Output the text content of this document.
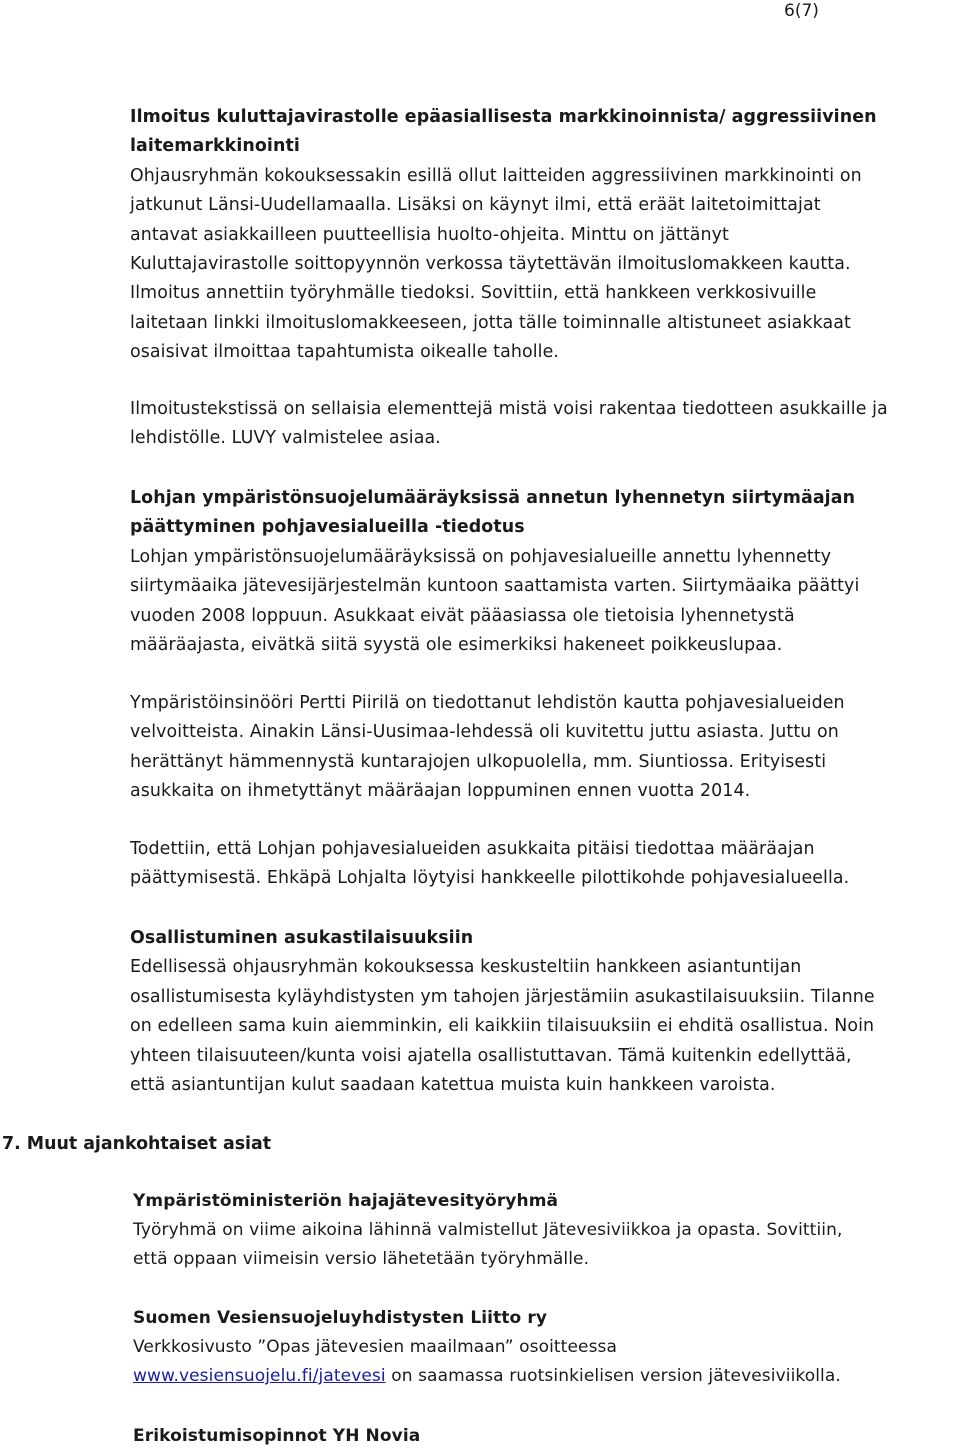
6(7)
Ilmoitus kuluttajavirastolle epäasiallisesta markkinoinnista/ aggressiivinen
laitemarkkinointi
Ohjausryhmän kokouksessakin esillä ollut laitteiden aggressiivinen markkinointi on
jatkunut Länsi-Uudellamaalla. Lisäksi on käynyt ilmi, että eräät laitetoimittajat
antavat asiakkailleen puutteellisia huolto-ohjeita. Minttu on jättänyt
Kuluttajavirastolle soittopyynnön verkossa täytettävän ilmoituslomakkeen kautta.
Ilmoitus annettiin työryhmälle tiedoksi. Sovittiin, että hankkeen verkkosivuille
laitetaan linkki ilmoituslomakkeeseen, jotta tälle toiminnalle altistuneet asiakkaat
osaisivat ilmoittaa tapahtumista oikealle taholle.
Ilmoitustekstissä on sellaisia elementtejä mistä voisi rakentaa tiedotteen asukkaille ja
lehdistölle. LUVY valmistelee asiaa.
Lohjan ympäristönsuojelumääräyksissä annetun lyhennetyn siirtymäajan
päättyminen pohjavesialueilla -tiedotus
Lohjan ympäristönsuojelumääräyksissä on pohjavesialueille annettu lyhennetty
siirtymäaika jätevesijärjestelmän kuntoon saattamista varten. Siirtymäaika päättyi
vuoden 2008 loppuun. Asukkaat eivät pääasiassa ole tietoisia lyhennetystä
määräajasta, eivätkä siitä syystä ole esimerkiksi hakeneet poikkeuslupaa.
Ympäristöinsinööri Pertti Piirilä on tiedottanut lehdistön kautta pohjavesialueiden
velvoitteista. Ainakin Länsi-Uusimaa-lehdessä oli kuvitettu juttu asiasta. Juttu on
herättänyt hämmennystä kuntarajojen ulkopuolella, mm. Siuntiossa. Erityisesti
asukkaita on ihmetyttänyt määräajan loppuminen ennen vuotta 2014.
Todettiin, että Lohjan pohjavesialueiden asukkaita pitäisi tiedottaa määräajan
päättymisestä. Ehkäpä Lohjalta löytyisi hankkeelle pilottikohde pohjavesialueella.
Osallistuminen asukastilaisuuksiin
Edellisessä ohjausryhmän kokouksessa keskusteltiin hankkeen asiantuntijan
osallistumisesta kyläyhdistysten ym tahojen järjestämiin asukastilaisuuksiin. Tilanne
on edelleen sama kuin aiemminkin, eli kaikkiin tilaisuuksiin ei ehditä osallistua. Noin
yhteen tilaisuuteen/kunta voisi ajatella osallistuttavan. Tämä kuitenkin edellyttää,
että asiantuntijan kulut saadaan katettua muista kuin hankkeen varoista.
7. Muut ajankohtaiset asiat
Ympäristöministeriön hajajätevesityöryhmä
Työryhmä on viime aikoina lähinnä valmistellut Jätevesiviikkoa ja opasta. Sovittiin,
että oppaan viimeisin versio lähetetään työryhmälle.
Suomen Vesiensuojeluyhdistysten Liitto ry
Verkkosivusto ”Opas jätevesien maailmaan” osoitteessa
www.vesiensuojelu.fi/jatevesi on saamassa ruotsinkielisen version jätevesiviikolla.
Erikoistumisopinnot YH Novia
